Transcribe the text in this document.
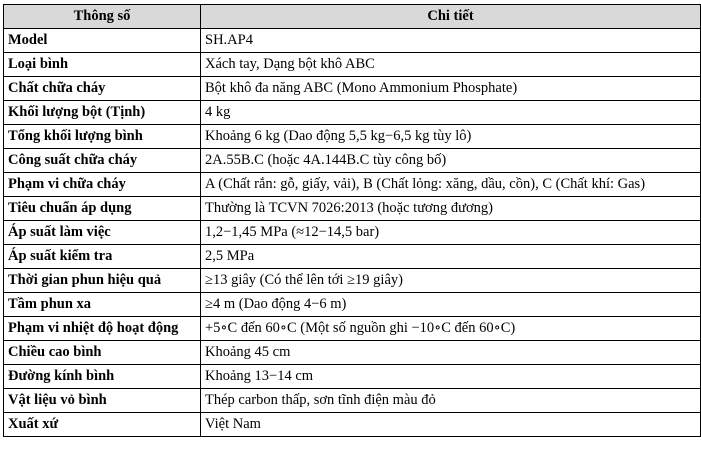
Thông số	Chi tiết
Model	SH.AP4
Loại bình	Xách tay, Dạng bột khô ABC
Chất chữa cháy	Bột khô đa năng ABC (Mono Ammonium Phosphate)
Khối lượng bột (Tịnh)	4 kg
Tổng khối lượng bình	Khoảng 6 kg (Dao động 5,5 kg−6,5 kg tùy lô)
Công suất chữa cháy	2A.55B.C (hoặc 4A.144B.C tùy công bố)
Phạm vi chữa cháy	A (Chất rắn: gỗ, giấy, vải), B (Chất lỏng: xăng, dầu, cồn), C (Chất khí: Gas)
Tiêu chuẩn áp dụng	Thường là TCVN 7026:2013 (hoặc tương đương)
Áp suất làm việc	1,2−1,45 MPa (≈12−14,5 bar)
Áp suất kiểm tra	2,5 MPa
Thời gian phun hiệu quả	≥13 giây (Có thể lên tới ≥19 giây)
Tầm phun xa	≥4 m (Dao động 4−6 m)
Phạm vi nhiệt độ hoạt động	+5∘C đến 60∘C (Một số nguồn ghi −10∘C đến 60∘C)
Chiều cao bình	Khoảng 45 cm
Đường kính bình	Khoảng 13−14 cm
Vật liệu vỏ bình	Thép carbon thấp, sơn tĩnh điện màu đỏ
Xuất xứ	Việt Nam
